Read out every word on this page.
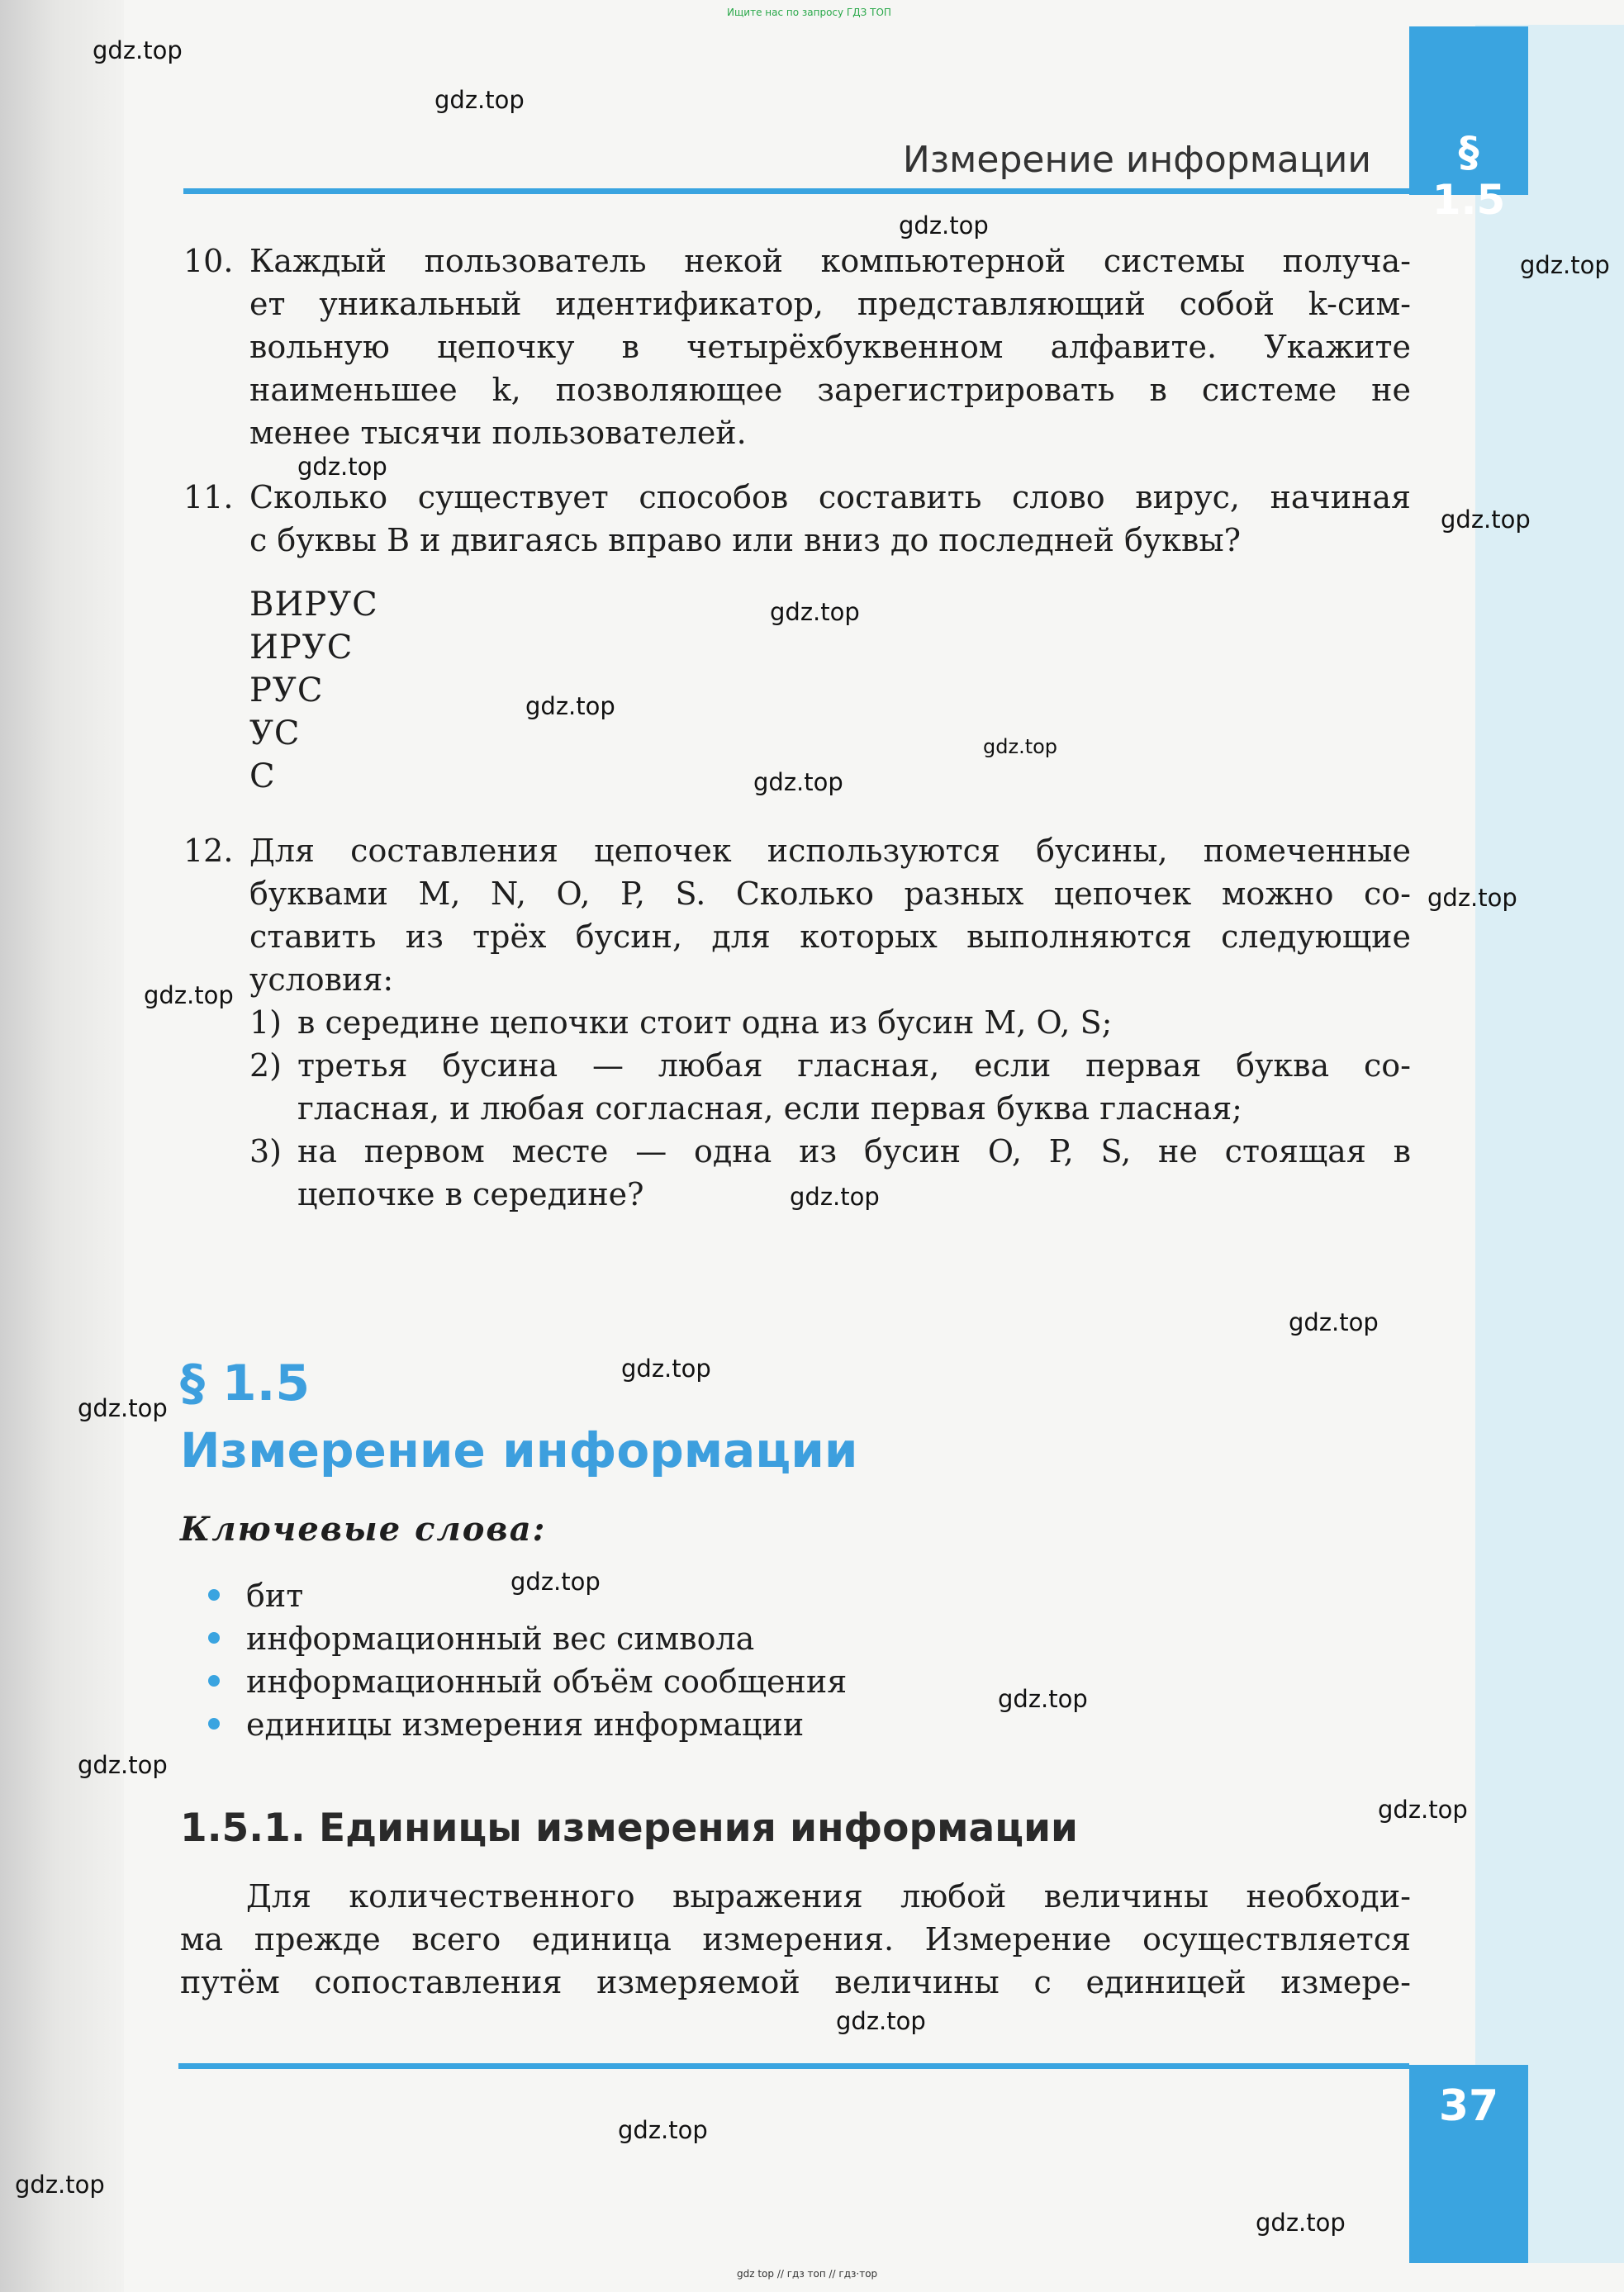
Ищите нас по запросу ГДЗ ТОП
§ 1.5
Измерение информации
10. Каждый пользователь некой компьютерной системы получа-
ет уникальный идентификатор, представляющий собой k-сим-
вольную цепочку в четырёхбуквенном алфавите. Укажите
наименьшее k, позволяющее зарегистрировать в системе не
менее тысячи пользователей.
11. Сколько существует способов составить слово вирус, начиная
с буквы В и двигаясь вправо или вниз до последней буквы?
ВИРУС
ИРУС
РУС
УС
С
12. Для составления цепочек используются бусины, помеченные
буквами M, N, O, P, S. Сколько разных цепочек можно со-
ставить из трёх бусин, для которых выполняются следующие
условия:
1) в середине цепочки стоит одна из бусин M, O, S;
2) третья бусина — любая гласная, если первая буква со-
гласная, и любая согласная, если первая буква гласная;
3) на первом месте — одна из бусин O, P, S, не стоящая в
цепочке в середине?
§ 1.5
Измерение информации
Ключевые слова:
бит
информационный вес символа
информационный объём сообщения
единицы измерения информации
1.5.1. Единицы измерения информации
Для количественного выражения любой величины необходи-
ма прежде всего единица измерения. Измерение осуществляется
путём сопоставления измеряемой величины с единицей измере-
37
gdz.top
gdz.top
gdz.top
gdz.top
gdz.top
gdz.top
gdz.top
gdz.top
gdz.top
gdz.top
gdz.top
gdz.top
gdz.top
gdz.top
gdz.top
gdz.top
gdz.top
gdz.top
gdz.top
gdz.top
gdz.top
gdz.top
gdz.top
gdz.top
gdz top // гдз топ // гдз·тор
